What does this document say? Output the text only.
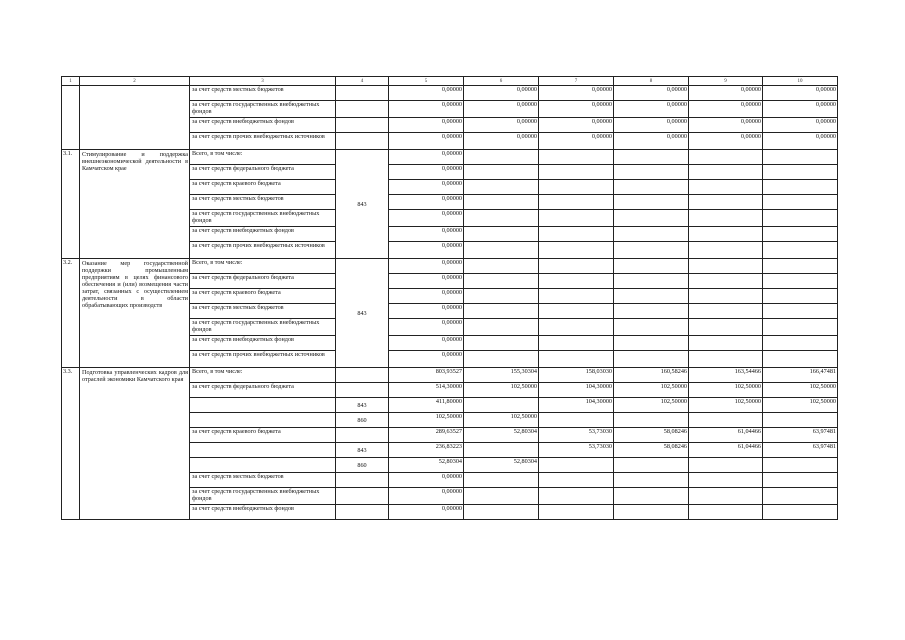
1	2	3	4	5	6	7	8	9	10
		за счет средств местных бюджетов		0,00000	0,00000	0,00000	0,00000	0,00000	0,00000
		за счет средств государственных внебюджетных фондов		0,00000	0,00000	0,00000	0,00000	0,00000	0,00000
		за счет средств внебюджетных фондов		0,00000	0,00000	0,00000	0,00000	0,00000	0,00000
		за счет средств прочих внебюджетных источников		0,00000	0,00000	0,00000	0,00000	0,00000	0,00000
3.1.	Стимулирование и поддержка внешнеэкономической деятельности в Камчатском крае	Всего, в том числе:	843	0,00000					
		за счет средств федерального бюджета		0,00000					
		за счет средств краевого бюджета		0,00000					
		за счет средств местных бюджетов		0,00000					
		за счет средств государственных внебюджетных фондов		0,00000					
		за счет средств внебюджетных фондов		0,00000					
		за счет средств прочих внебюджетных источников		0,00000					
3.2.	Оказание мер государственной поддержки промышленным предприятиям в целях финансового обеспечения и (или) возмещения части затрат, связанных с осуществлением деятельности в области обрабатывающих производств	Всего, в том числе:	843	0,00000					
		за счет средств федерального бюджета		0,00000					
		за счет средств краевого бюджета		0,00000					
		за счет средств местных бюджетов		0,00000					
		за счет средств государственных внебюджетных фондов		0,00000					
		за счет средств внебюджетных фондов		0,00000					
		за счет средств прочих внебюджетных источников		0,00000					
3.3.	Подготовка управленческих кадров для отраслей экономики Камчатского края	Всего, в том числе:		803,93527	155,30304	158,03030	160,58246	163,54466	166,47481
		за счет средств федерального бюджета		514,30000	102,50000	104,30000	102,50000	102,50000	102,50000
			843	411,80000		104,30000	102,50000	102,50000	102,50000
			860	102,50000	102,50000				
		за счет средств краевого бюджета		289,63527	52,80304	53,73030	58,08246	61,04466	63,97481
			843	236,83223		53,73030	58,08246	61,04466	63,97481
			860	52,80304	52,80304				
		за счет средств местных бюджетов		0,00000					
		за счет средств государственных внебюджетных фондов		0,00000					
		за счет средств внебюджетных фондов		0,00000					
